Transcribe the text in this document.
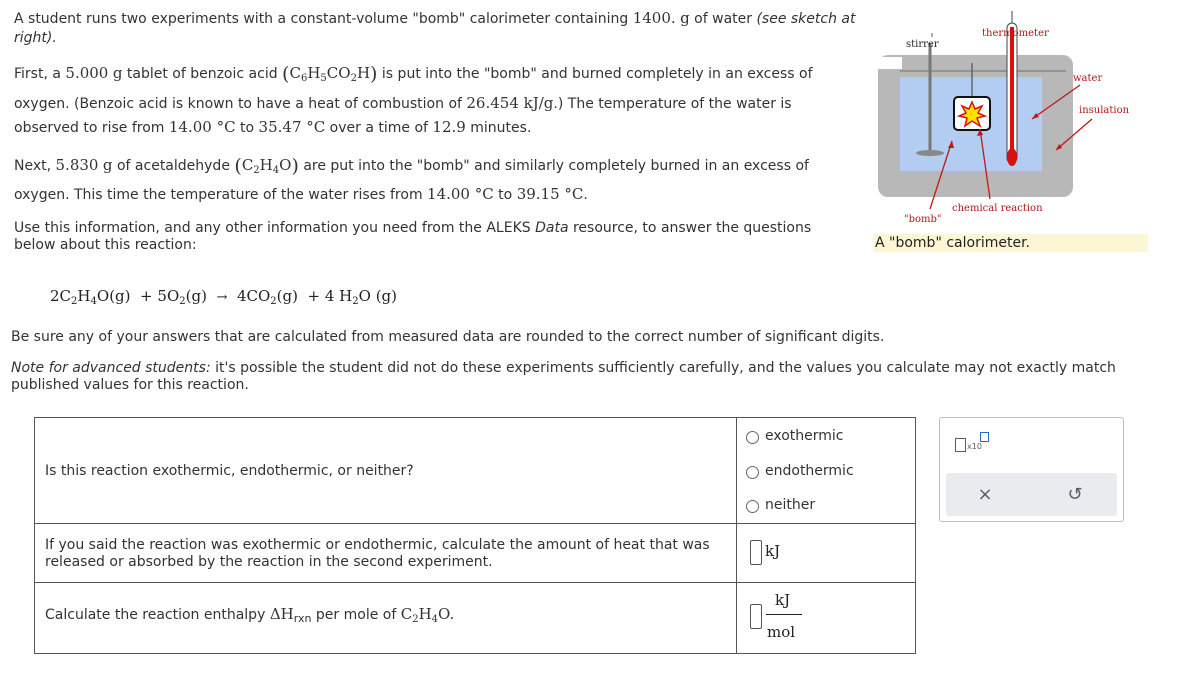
A student runs two experiments with a constant-volume "bomb" calorimeter containing 1400. g of water (see sketch at
right).
First, a 5.000 g tablet of benzoic acid $(C_6H_5CO_2H)$ is put into the "bomb" and burned completely in an excess of
oxygen. (Benzoic acid is known to have a heat of combustion of 26.454 kJ/g.) The temperature of the water is
observed to rise from 14.00 °C to 35.47 °C over a time of 12.9 minutes.
Next, 5.830 g of acetaldehyde $(C_2H_4O)$ are put into the "bomb" and similarly completely burned in an excess of
oxygen. This time the temperature of the water rises from 14.00 °C to 39.15 °C.
Use this information, and any other information you need from the ALEKS Data resource, to answer the questions
below about this reaction:
$2C_2H_4O(g) + 5O_2(g) \to 4CO_2(g) + 4$ $H_2O$ (g)
Be sure any of your answers that are calculated from measured data are rounded to the correct number of significant digits.
Note for advanced students: it's possible the student did not do these experiments sufficiently carefully, and the values you calculate may not exactly match
published values for this reaction.
stirrer
thermometer
water
insulation
chemical reaction
"bomb"
A "bomb" calorimeter.
Is this reaction exothermic, endothermic, or neither?
exothermic
endothermic
neither
If you said the reaction was exothermic or endothermic, calculate the amount of heat that was
released or absorbed by the reaction in the second experiment.
kJ
Calculate the reaction enthalpy $\Delta H_{rxn}$ per mole of $C_2H_4O$.
kJ
mol
x10
×	↺
